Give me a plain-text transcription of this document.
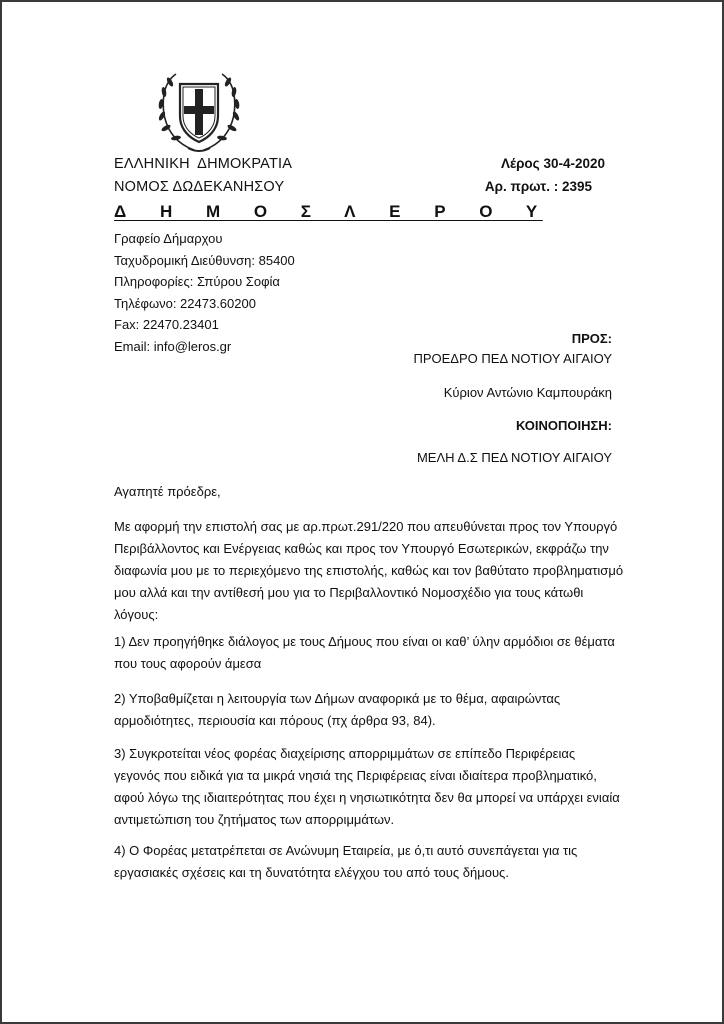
ΕΛΛΗΝΙΚΗ ΔΗΜΟΚΡΑΤΙΑ
ΝΟΜΟΣ ΔΩΔΕΚΑΝΗΣΟΥ
Δ Η Μ Ο Σ Λ Ε Ρ Ο Υ
Λέρος 30-4-2020
Αρ. πρωτ. : 2395
Γραφείο Δήμαρχου
Ταχυδρομική Διεύθυνση: 85400
Πληροφορίες: Σπύρου Σοφία
Τηλέφωνο: 22473.60200
Fax: 22470.23401
Email: info@leros.gr
ΠΡΟΣ:
ΠΡΟΕΔΡΟ ΠΕΔ ΝΟΤΙΟΥ ΑΙΓΑΙΟΥ
Κύριον Αντώνιο Καμπουράκη
ΚΟΙΝΟΠΟΙΗΣΗ:
ΜΕΛΗ Δ.Σ ΠΕΔ ΝΟΤΙΟΥ ΑΙΓΑΙΟΥ

Αγαπητέ πρόεδρε,

Με αφορμή την επιστολή σας με αρ.πρωτ.291/220 που απευθύνεται προς τον Υπουργό Περιβάλλοντος και Ενέργειας καθώς και προς τον Υπουργό Εσωτερικών, εκφράζω την διαφωνία μου με το περιεχόμενο της επιστολής, καθώς και τον βαθύτατο προβληματισμό μου αλλά και την αντίθεσή μου για το Περιβαλλοντικό Νομοσχέδιο για τους κάτωθι λόγους:

1) Δεν προηγήθηκε διάλογος με τους Δήμους που είναι οι καθ’ ύλην αρμόδιοι σε θέματα που τους αφορούν άμεσα

2) Υποβαθμίζεται η λειτουργία των Δήμων αναφορικά με το θέμα, αφαιρώντας αρμοδιότητες, περιουσία και πόρους (πχ άρθρα 93, 84).

3) Συγκροτείται νέος φορέας διαχείρισης απορριμμάτων σε επίπεδο Περιφέρειας γεγονός που ειδικά για τα μικρά νησιά της Περιφέρειας είναι ιδιαίτερα προβληματικό, αφού λόγω της ιδιαιτερότητας που έχει η νησιωτικότητα δεν θα μπορεί να υπάρχει ενιαία αντιμετώπιση του ζητήματος των απορριμμάτων.

4) Ο Φορέας μετατρέπεται σε Ανώνυμη Εταιρεία, με ό,τι αυτό συνεπάγεται για τις εργασιακές σχέσεις και τη δυνατότητα ελέγχου του από τους δήμους.
